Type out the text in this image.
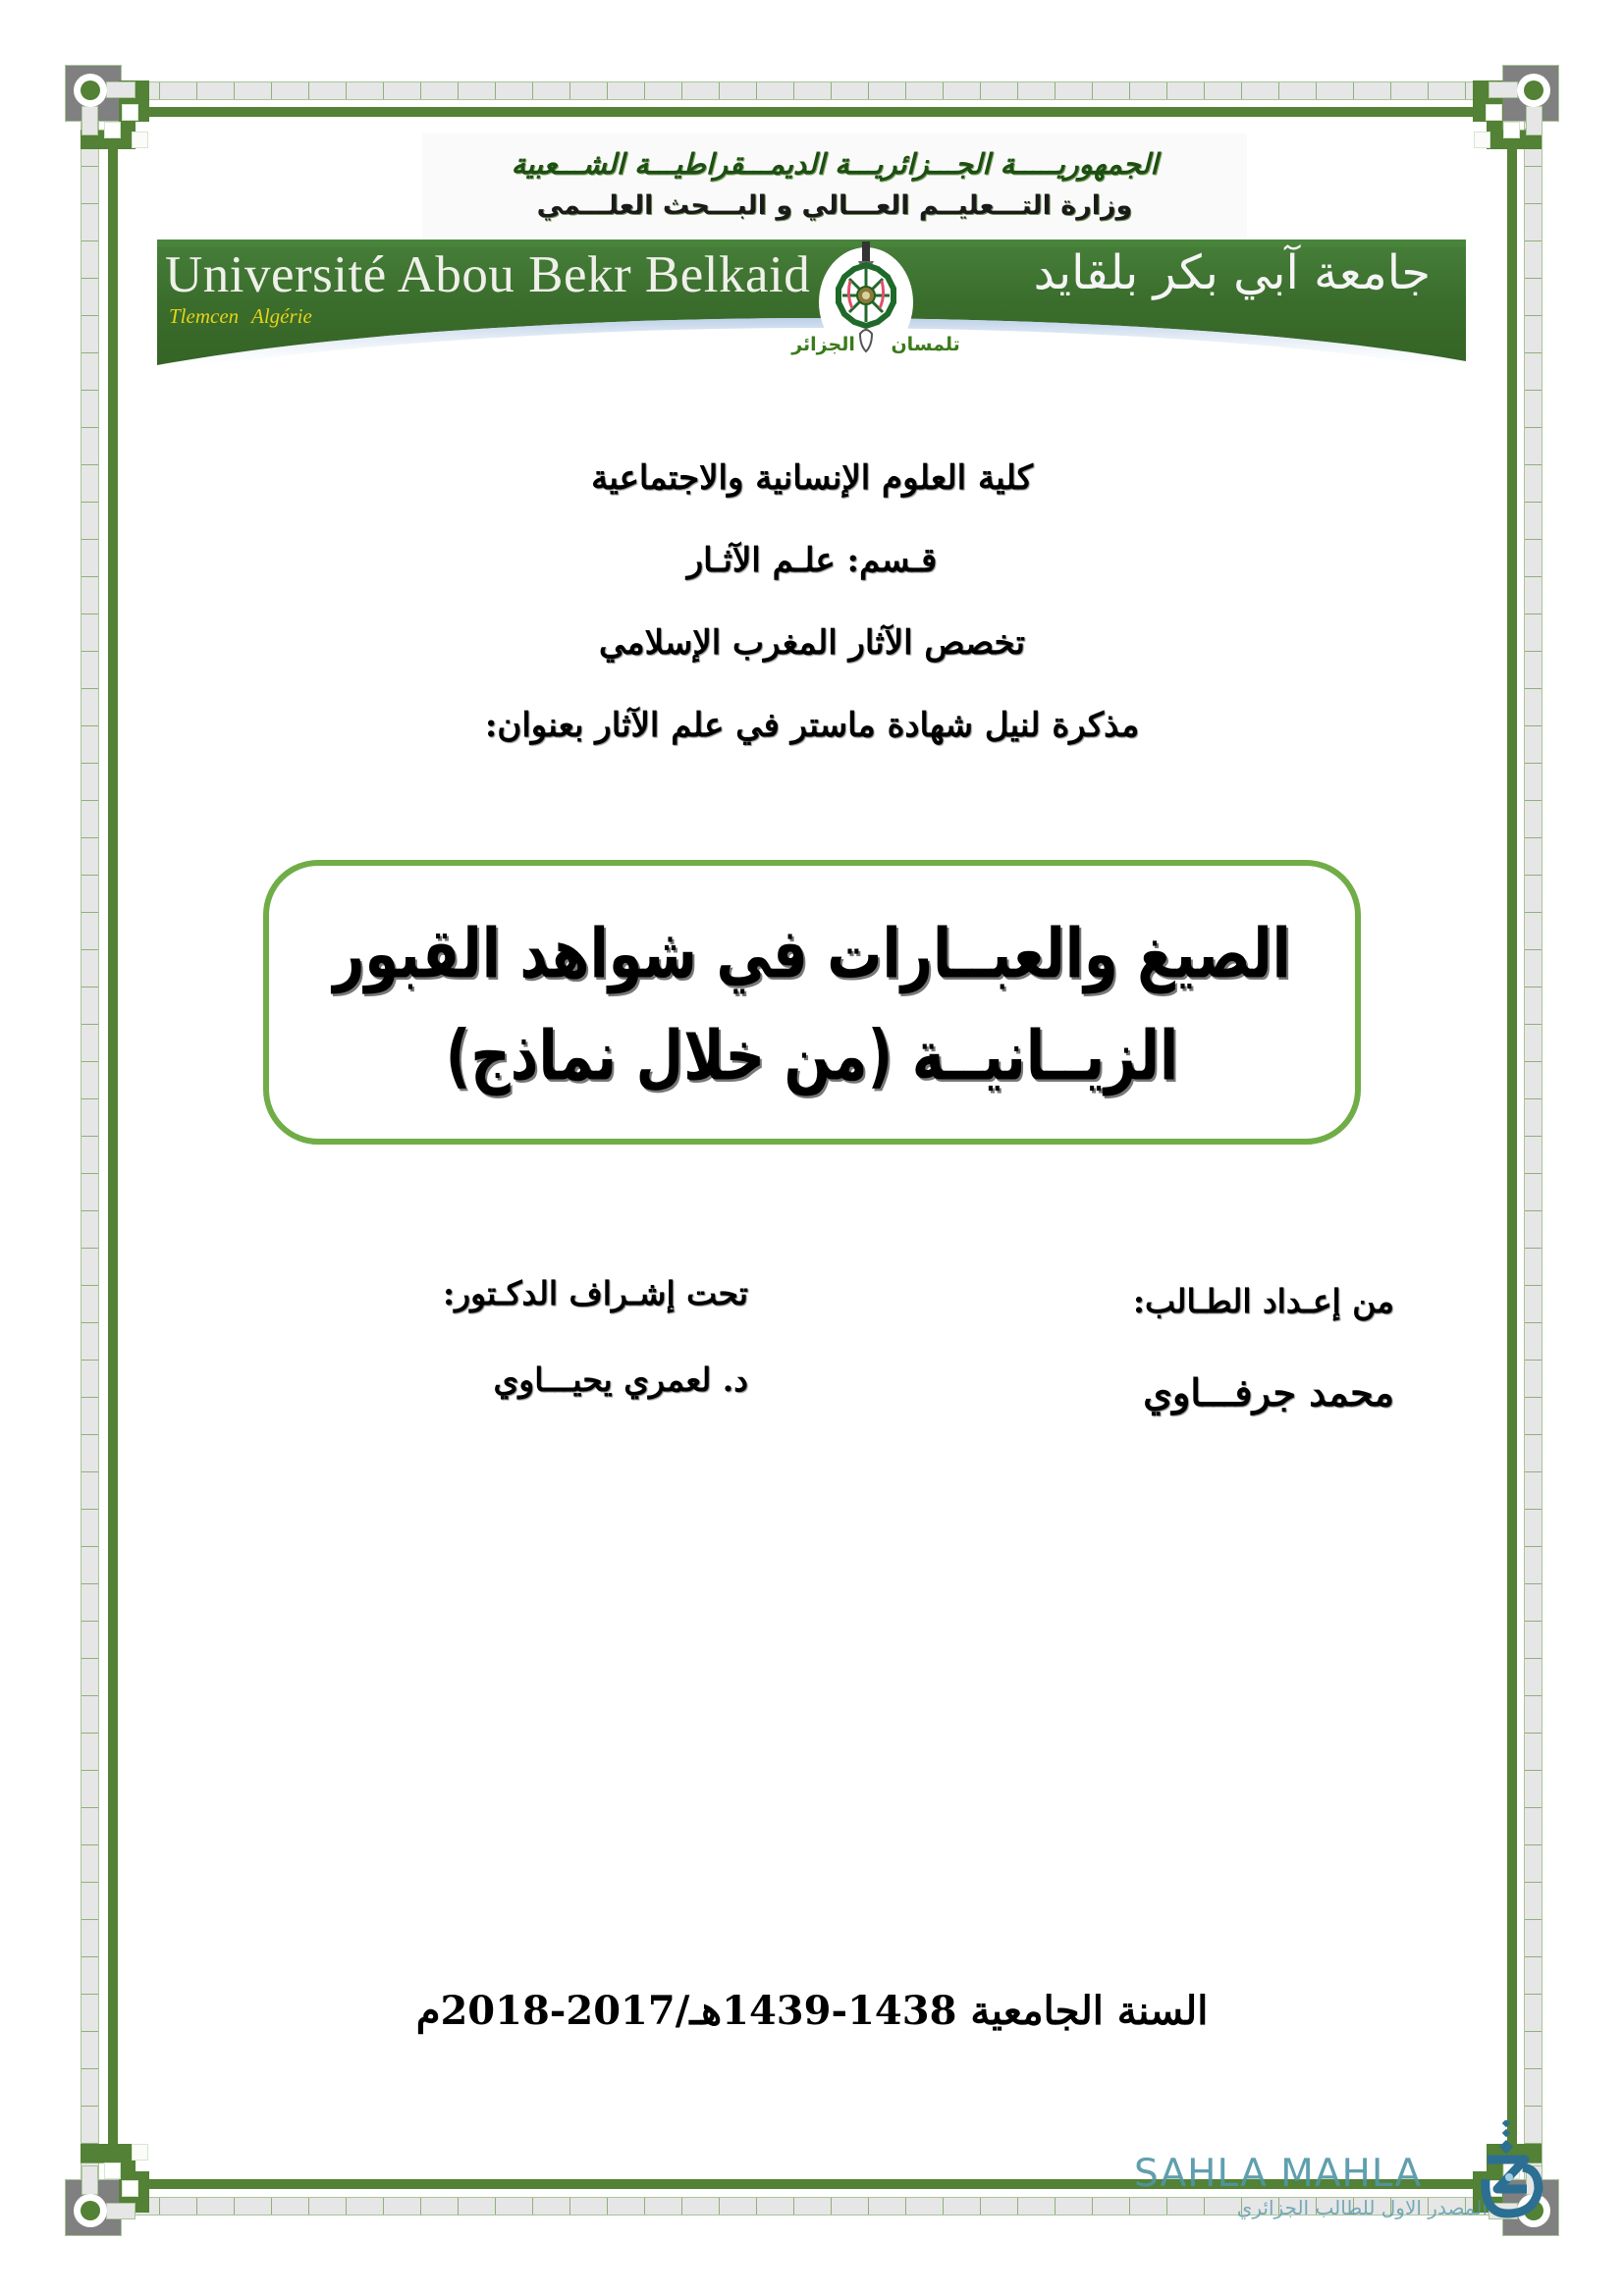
الجمهوريـــــة الجـــزائريـــة الديمـــقراطيـــة الشـــعبية
وزارة التـــعليــم العـــالي و البـــحث العلـــمي
Université Abou Bekr Belkaid
Tlemcen Algérie
جامعة آبي بكر بلقايد
تلمسان الجزائر
كلية العلوم الإنسانية والاجتماعية
قـسم: علـم الآثـار
تخصص الآثار المغرب الإسلامي
مذكرة لنيل شهادة ماستر في علم الآثار بعنوان:
الصيغ والعبــارات في شواهد القبور
الزيــانيــة (من خلال نماذج)
من إعـداد الطـالب:
محمد جرفـــاوي
تحت إشـراف الدكـتور:
د. لعمري يحيـــاوي
السنة الجامعية 1438-1439هـ/2017-2018م
SAHLA MAHLA
المصدر الاول للطالب الجزائري
